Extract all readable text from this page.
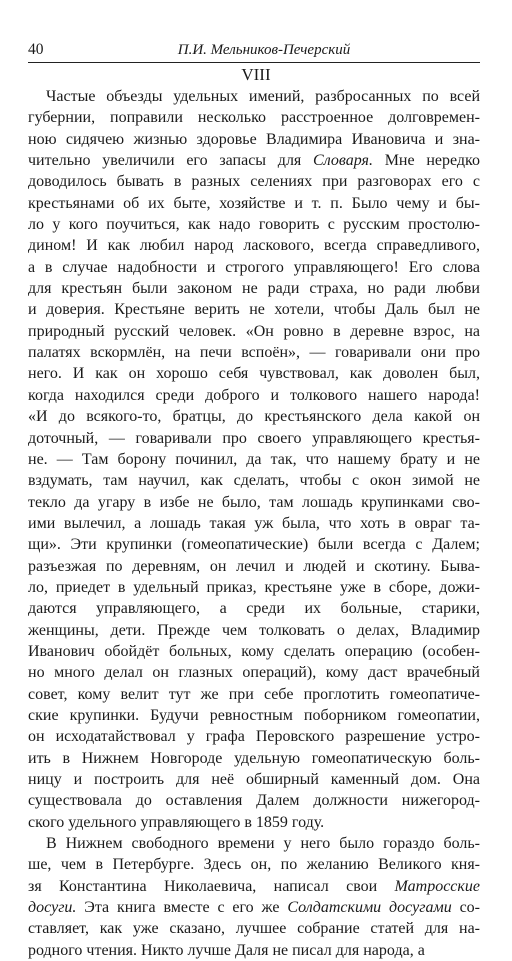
40	П.И. Мельников-Печерский
VIII
Частые объезды удельных имений, разбросанных по всей
губернии, поправили несколько расстроенное долговремен-
ною сидячею жизнью здоровье Владимира Ивановича и зна-
чительно увеличили его запасы для Словаря. Мне нередко
доводилось бывать в разных селениях при разговорах его с
крестьянами об их быте, хозяйстве и т. п. Было чему и бы-
ло у кого поучиться, как надо говорить с русским простолю-
дином! И как любил народ ласкового, всегда справедливого,
а в случае надобности и строгого управляющего! Его слова
для крестьян были законом не ради страха, но ради любви
и доверия. Крестьяне верить не хотели, чтобы Даль был не
природный русский человек. «Он ровно в деревне взрос, на
палатях вскормлён, на печи вспоён», — говаривали они про
него. И как он хорошо себя чувствовал, как доволен был,
когда находился среди доброго и толкового нашего народа!
«И до всякого-то, братцы, до крестьянского дела какой он
доточный, — говаривали про своего управляющего крестья-
не. — Там борону починил, да так, что нашему брату и не
вздумать, там научил, как сделать, чтобы с окон зимой не
текло да угару в избе не было, там лошадь крупинками сво-
ими вылечил, а лошадь такая уж была, что хоть в овраг та-
щи». Эти крупинки (гомеопатические) были всегда с Далем;
разъезжая по деревням, он лечил и людей и скотину. Быва-
ло, приедет в удельный приказ, крестьяне уже в сборе, дожи-
даются управляющего, а среди их больные, старики,
женщины, дети. Прежде чем толковать о делах, Владимир
Иванович обойдёт больных, кому сделать операцию (особен-
но много делал он глазных операций), кому даст врачебный
совет, кому велит тут же при себе проглотить гомеопатиче-
ские крупинки. Будучи ревностным поборником гомеопатии,
он исходатайствовал у графа Перовского разрешение устро-
ить в Нижнем Новгороде удельную гомеопатическую боль-
ницу и построить для неё обширный каменный дом. Она
существовала до оставления Далем должности нижегород-
ского удельного управляющего в 1859 году.
В Нижнем свободного времени у него было гораздо боль-
ше, чем в Петербурге. Здесь он, по желанию Великого кня-
зя Константина Николаевича, написал свои Матросские
досуги. Эта книга вместе с его же Солдатскими досугами со-
ставляет, как уже сказано, лучшее собрание статей для на-
родного чтения. Никто лучше Даля не писал для народа, а
